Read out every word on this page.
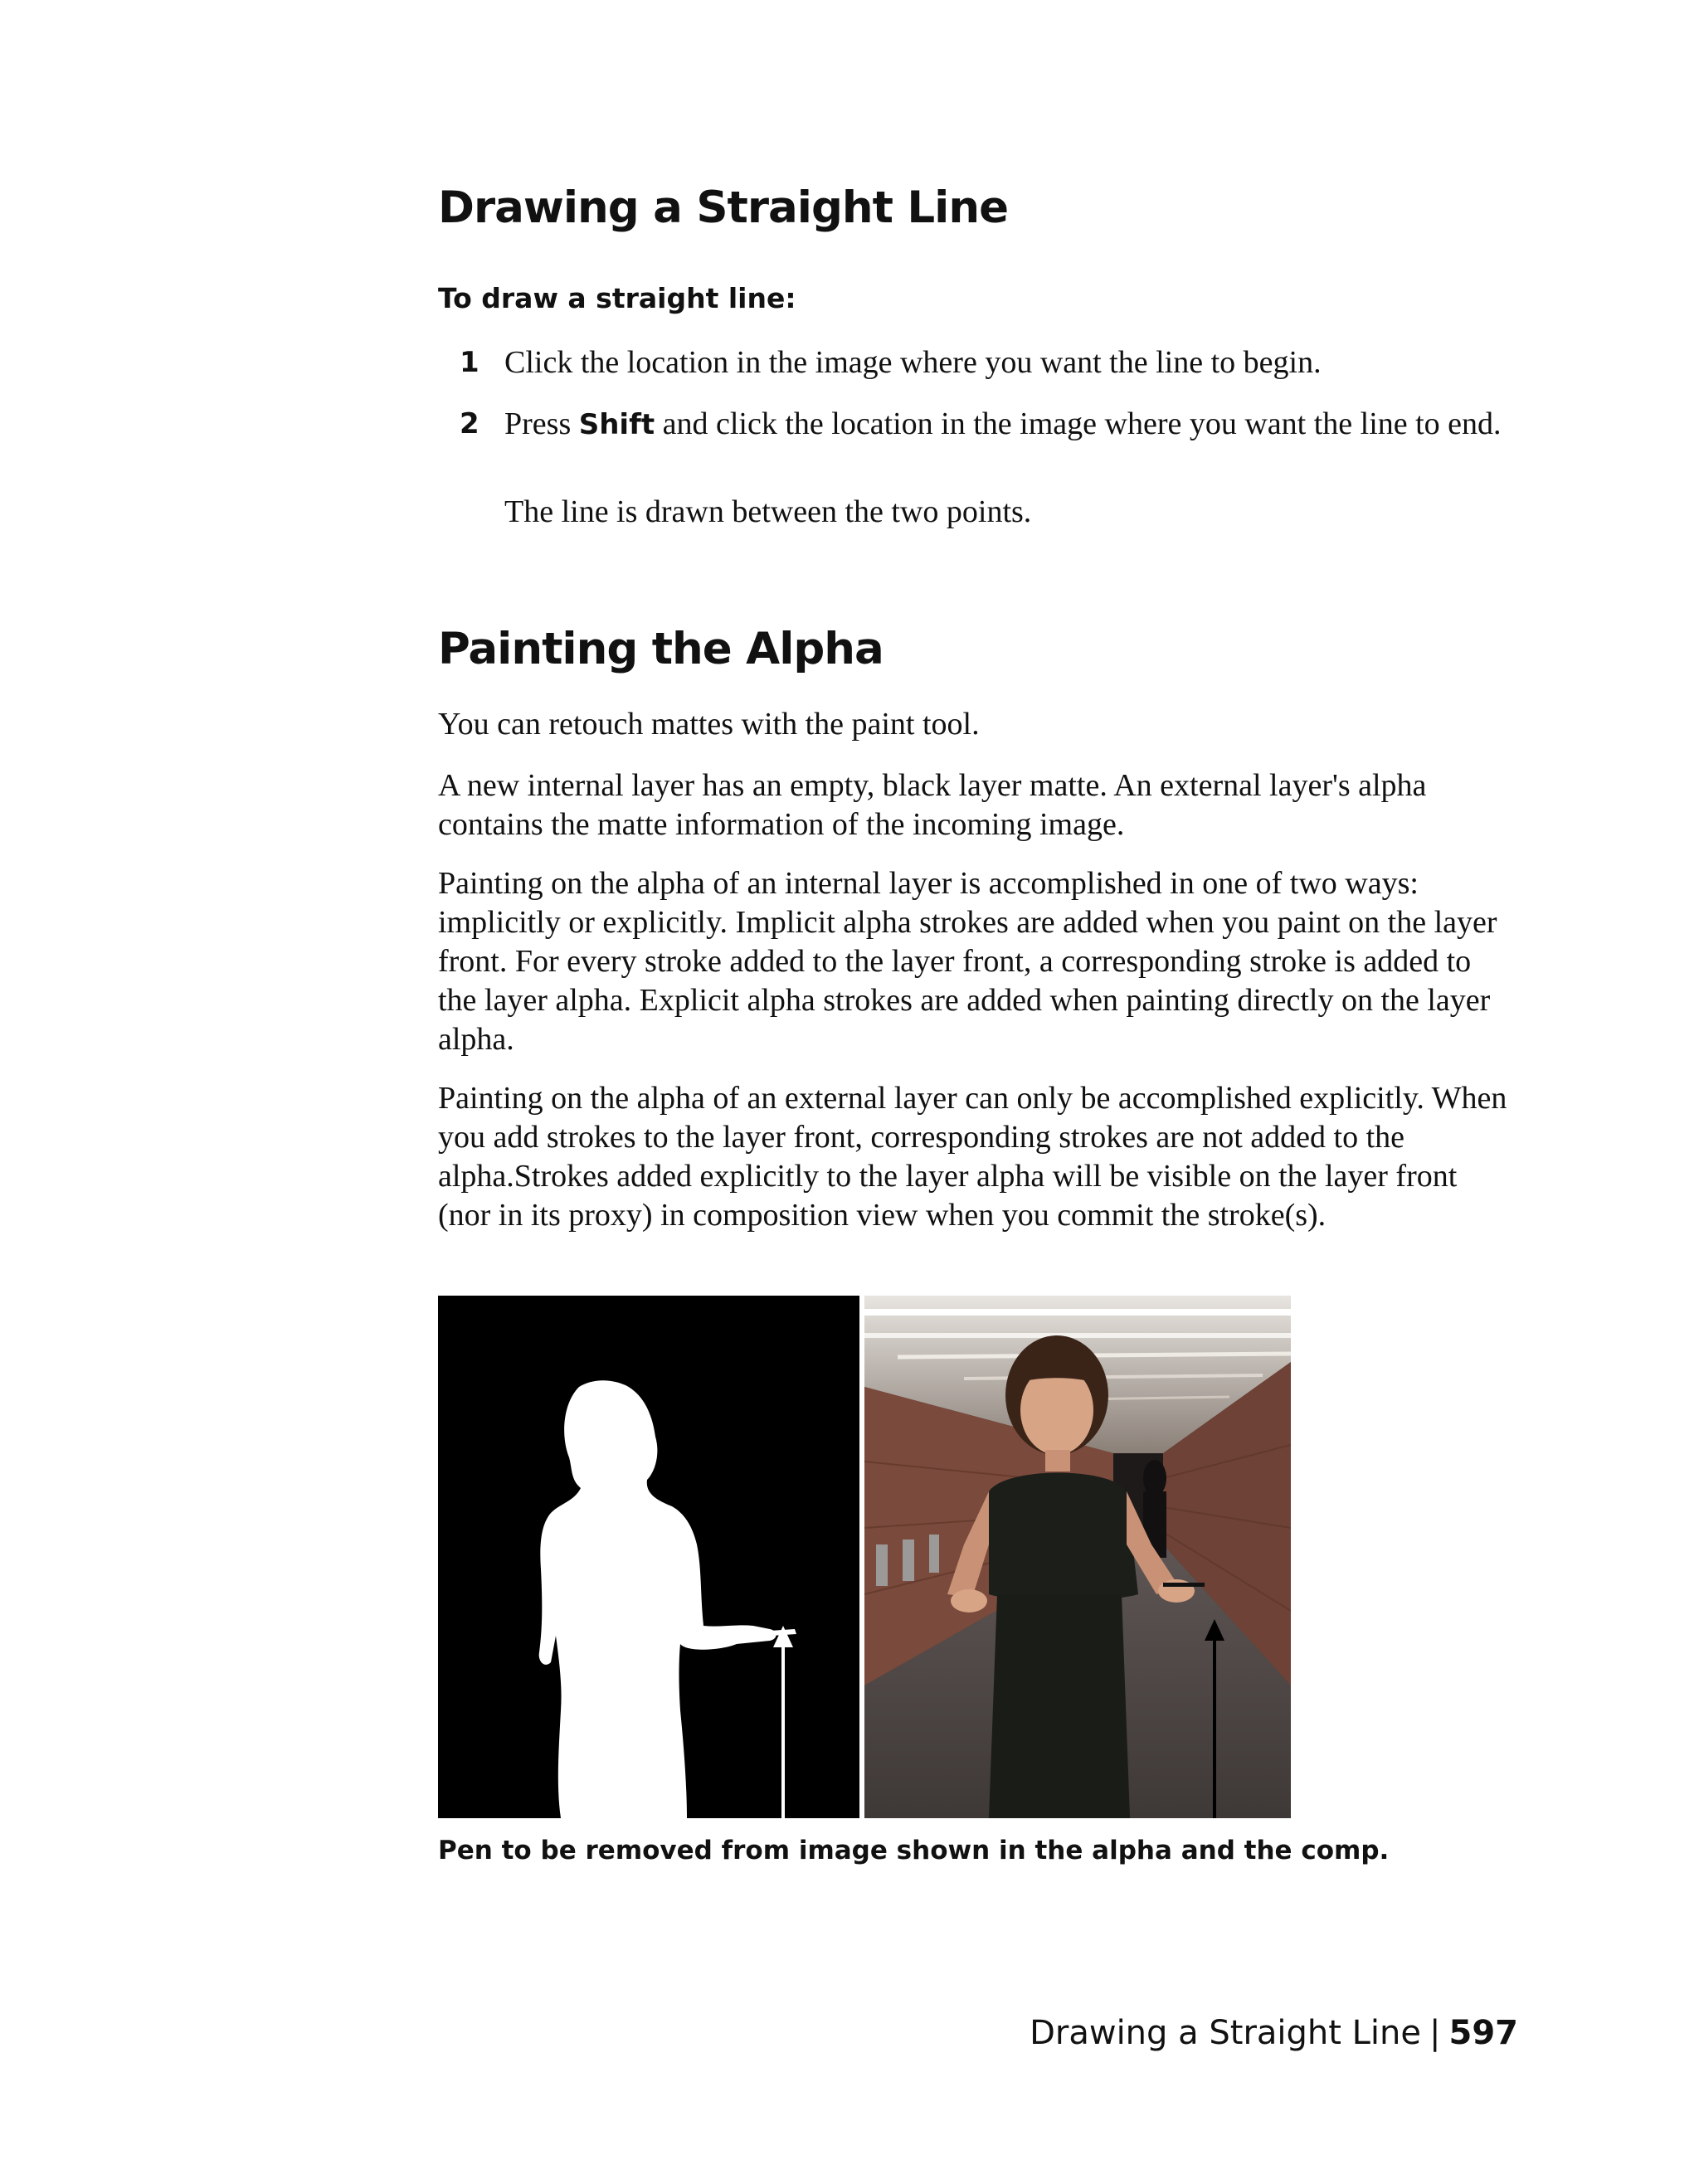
Drawing a Straight Line
To draw a straight line:
1 Click the location in the image where you want the line to begin.
2 Press Shift and click the location in the image where you want the line to end.
The line is drawn between the two points.
Painting the Alpha

You can retouch mattes with the paint tool.

A new internal layer has an empty, black layer matte. An external layer's alpha contains the matte information of the incoming image.

Painting on the alpha of an internal layer is accomplished in one of two ways: implicitly or explicitly. Implicit alpha strokes are added when you paint on the layer front. For every stroke added to the layer front, a corresponding stroke is added to the layer alpha. Explicit alpha strokes are added when painting directly on the layer alpha.

Painting on the alpha of an external layer can only be accomplished explicitly. When you add strokes to the layer front, corresponding strokes are not added to the alpha.Strokes added explicitly to the layer alpha will be visible on the layer front (nor in its proxy) in composition view when you commit the stroke(s).

Pen to be removed from image shown in the alpha and the comp.
Drawing a Straight Line | 597
